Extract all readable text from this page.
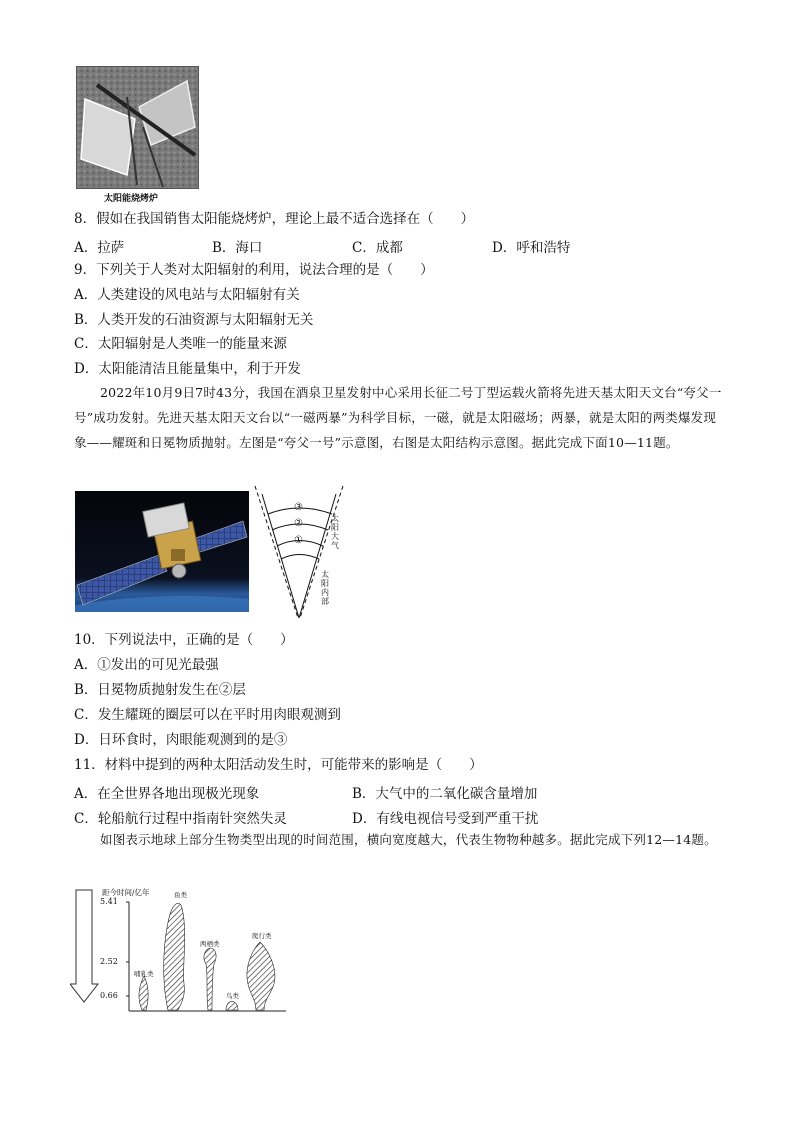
太阳能烧烤炉
8．假如在我国销售太阳能烧烤炉，理论上最不适合选择在（　　）
A．拉萨	B．海口	C．成都	D．呼和浩特
9．下列关于人类对太阳辐射的利用，说法合理的是（　　）
A．人类建设的风电站与太阳辐射有关
B．人类开发的石油资源与太阳辐射无关
C．太阳辐射是人类唯一的能量来源
D．太阳能清洁且能量集中，利于开发
2022年10月9日7时43分，我国在酒泉卫星发射中心采用长征二号丁型运载火箭将先进天基太阳天文台“夸父一号”成功发射。先进天基太阳天文台以“一磁两暴”为科学目标，一磁，就是太阳磁场；两暴，就是太阳的两类爆发现象——耀斑和日冕物质抛射。左图是“夸父一号”示意图，右图是太阳结构示意图。据此完成下面10—11题。
③
②
①
太阳大气
太阳内部
10．下列说法中，正确的是（　　）
A．①发出的可见光最强
B．日冕物质抛射发生在②层
C．发生耀斑的圈层可以在平时用肉眼观测到
D．日环食时，肉眼能观测到的是③
11．材料中提到的两种太阳活动发生时，可能带来的影响是（　　）
A．在全世界各地出现极光现象	B．大气中的二氧化碳含量增加
C．轮船航行过程中指南针突然失灵	D．有线电视信号受到严重干扰
如图表示地球上部分生物类型出现的时间范围，横向宽度越大，代表生物物种越多。据此完成下列12—14题。
距今时间/亿年
5.41
2.52
0.66
哺乳类
鱼类
两栖类
鸟类
爬行类
